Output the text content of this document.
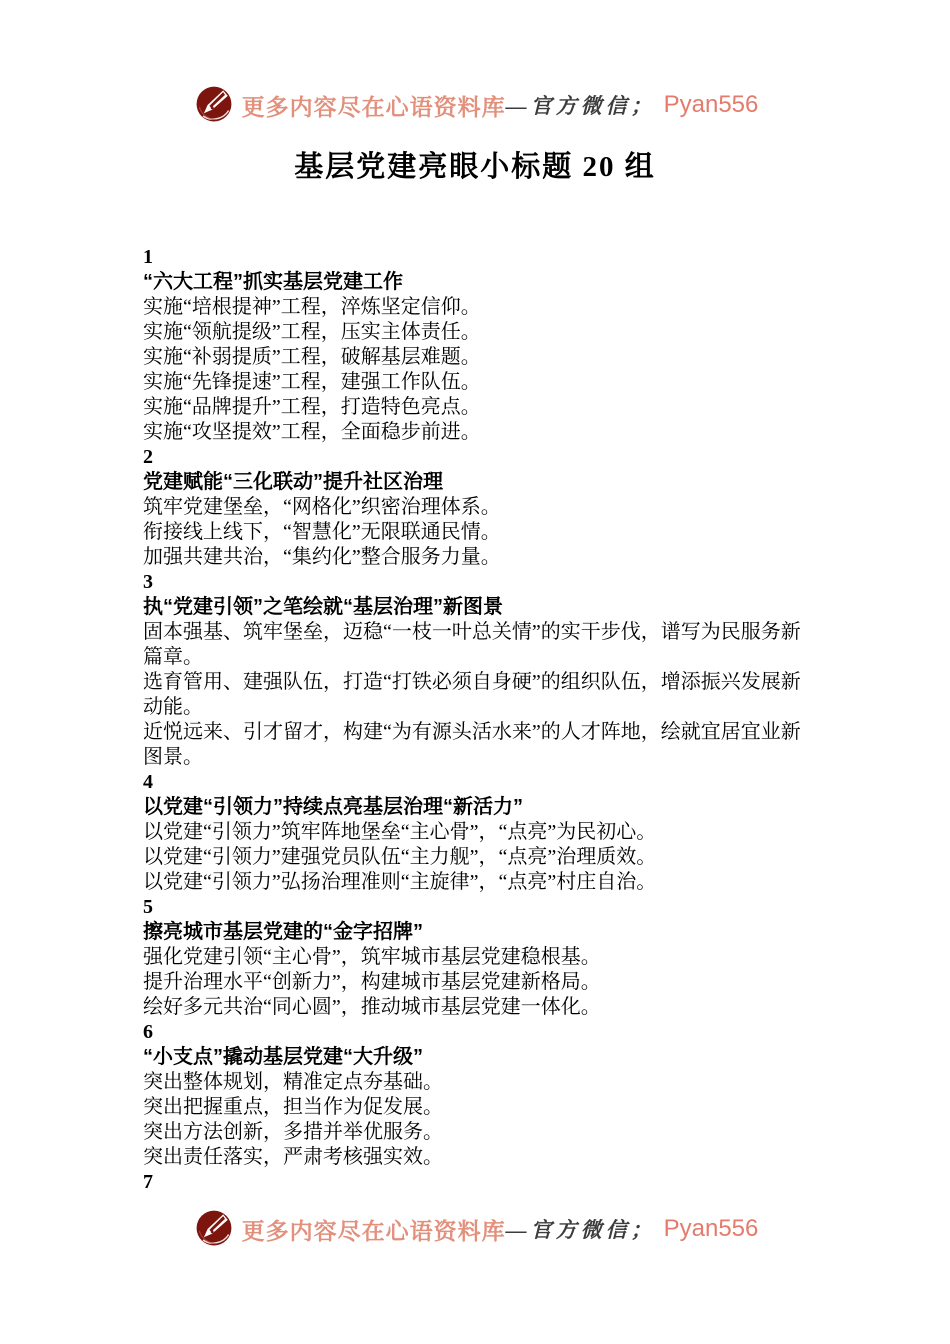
更多内容尽在心语资料库 —官方微信； Pyan556
基层党建亮眼小标题 20 组
1
“六大工程”抓实基层党建工作
实施“培根提神”工程，淬炼坚定信仰。
实施“领航提级”工程，压实主体责任。
实施“补弱提质”工程，破解基层难题。
实施“先锋提速”工程，建强工作队伍。
实施“品牌提升”工程，打造特色亮点。
实施“攻坚提效”工程，全面稳步前进。
2
党建赋能“三化联动”提升社区治理
筑牢党建堡垒，“网格化”织密治理体系。
衔接线上线下，“智慧化”无限联通民情。
加强共建共治，“集约化”整合服务力量。
3
执“党建引领”之笔绘就“基层治理”新图景
固本强基、筑牢堡垒，迈稳“一枝一叶总关情”的实干步伐，谱写为民服务新
篇章。
选育管用、建强队伍，打造“打铁必须自身硬”的组织队伍，增添振兴发展新
动能。
近悦远来、引才留才，构建“为有源头活水来”的人才阵地，绘就宜居宜业新
图景。
4
以党建“引领力”持续点亮基层治理“新活力”
以党建“引领力”筑牢阵地堡垒“主心骨”，“点亮”为民初心。
以党建“引领力”建强党员队伍“主力舰”，“点亮”治理质效。
以党建“引领力”弘扬治理准则“主旋律”，“点亮”村庄自治。
5
擦亮城市基层党建的“金字招牌”
强化党建引领“主心骨”，筑牢城市基层党建稳根基。
提升治理水平“创新力”，构建城市基层党建新格局。
绘好多元共治“同心圆”，推动城市基层党建一体化。
6
“小支点”撬动基层党建“大升级”
突出整体规划，精准定点夯基础。
突出把握重点，担当作为促发展。
突出方法创新，多措并举优服务。
突出责任落实，严肃考核强实效。
7
更多内容尽在心语资料库 —官方微信； Pyan556
